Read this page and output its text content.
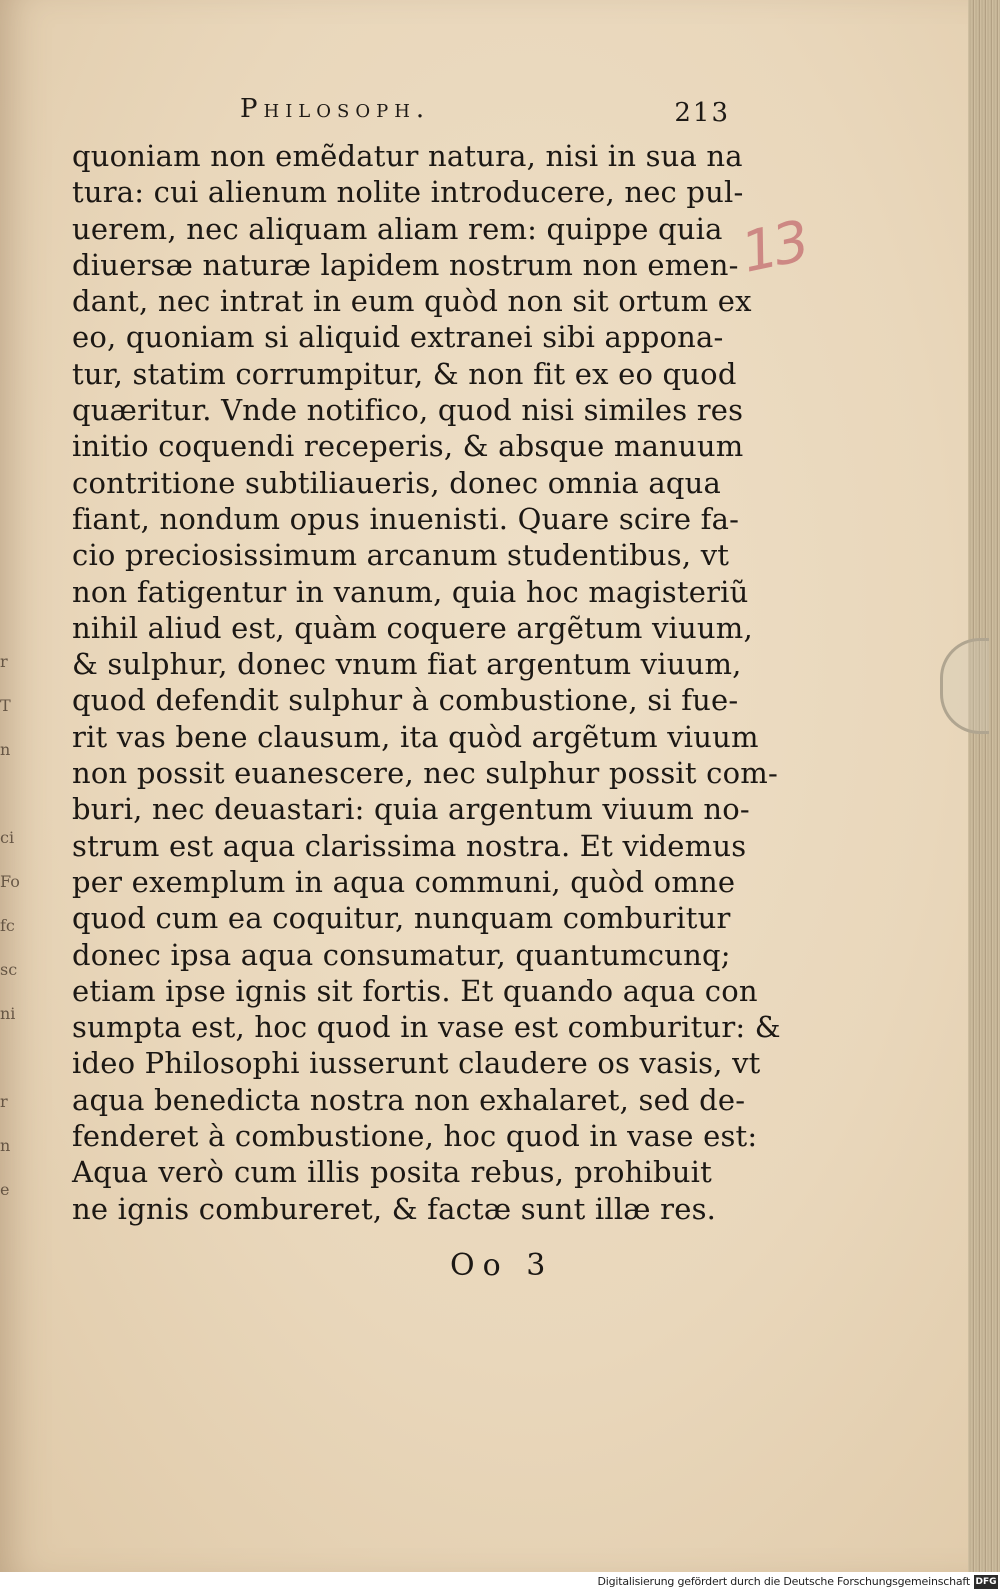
r
T
n

ci
Fo
fc
sc
ni

r
n
e
13
Philosoph.	213
quoniam non emẽdatur natura, nisi in sua na
tura: cui alienum nolite introducere, nec pul-
uerem, nec aliquam aliam rem: quippe quia
diuersæ naturæ lapidem nostrum non emen-
dant, nec intrat in eum quòd non sit ortum ex
eo, quoniam si aliquid extranei sibi appona-
tur, statim corrumpitur, & non fit ex eo quod
quæritur. Vnde notifico, quod nisi similes res
initio coquendi receperis, & absque manuum
contritione subtiliaueris, donec omnia aqua
fiant, nondum opus inuenisti. Quare scire fa-
cio preciosissimum arcanum studentibus, vt
non fatigentur in vanum, quia hoc magisteriũ
nihil aliud est, quàm coquere argẽtum viuum,
& sulphur, donec vnum fiat argentum viuum,
quod defendit sulphur à combustione, si fue-
rit vas bene clausum, ita quòd argẽtum viuum
non possit euanescere, nec sulphur possit com-
buri, nec deuastari: quia argentum viuum no-
strum est aqua clarissima nostra. Et videmus
per exemplum in aqua communi, quòd omne
quod cum ea coquitur, nunquam comburitur
donec ipsa aqua consumatur, quantumcunq;
etiam ipse ignis sit fortis. Et quando aqua con
sumpta est, hoc quod in vase est comburitur: &
ideo Philosophi iusserunt claudere os vasis, vt
aqua benedicta nostra non exhalaret, sed de-
fenderet à combustione, hoc quod in vase est:
Aqua verò cum illis posita rebus, prohibuit
ne ignis combureret, & factæ sunt illæ res.
Oo 3
Digitalisierung gefördert durch die Deutsche Forschungsgemeinschaft DFG
